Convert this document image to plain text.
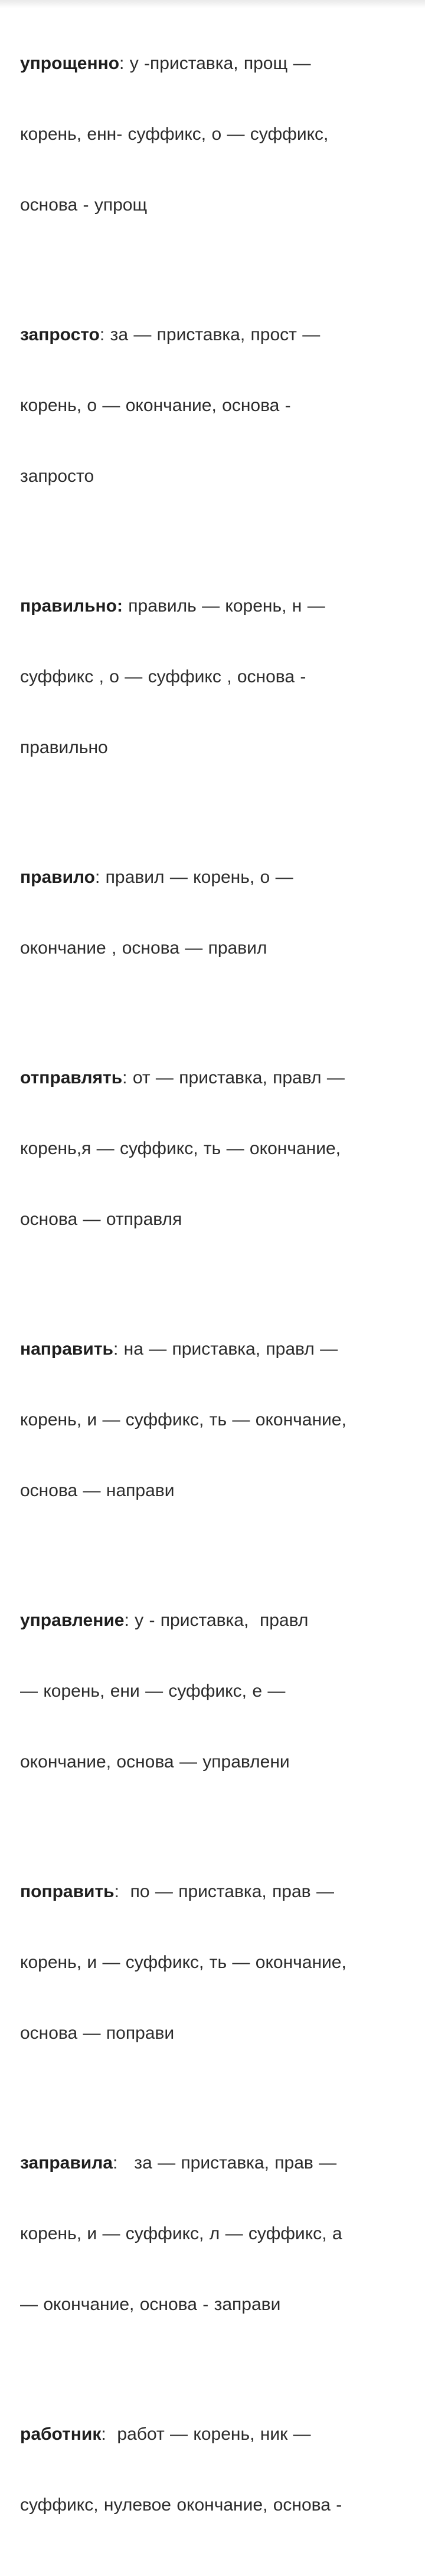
упрощенно: у -приставка, прощ —

корень, енн- суффикс, о — суффикс,

основа - упрощ

запросто: за — приставка, прост —

корень, о — окончание, основа -

запросто

правильно: правиль — корень, н —

суффикс , о — суффикс , основа -

правильно

правило: правил — корень, о —

окончание , основа — правил

отправлять: от — приставка, правл —

корень,я — суффикс, ть — окончание,

основа — отправля

направить: на — приставка, правл —

корень, и — суффикс, ть — окончание,

основа — направи

управление: у - приставка,  правл

— корень, ени — суффикс, е —

окончание, основа — управлени

поправить:  по — приставка, прав —

корень, и — суффикс, ть — окончание,

основа — поправи

заправила:   за — приставка, прав —

корень, и — суффикс, л — суффикс, а

— окончание, основа - заправи

работник:  работ — корень, ник —

суффикс, нулевое окончание, основа -
